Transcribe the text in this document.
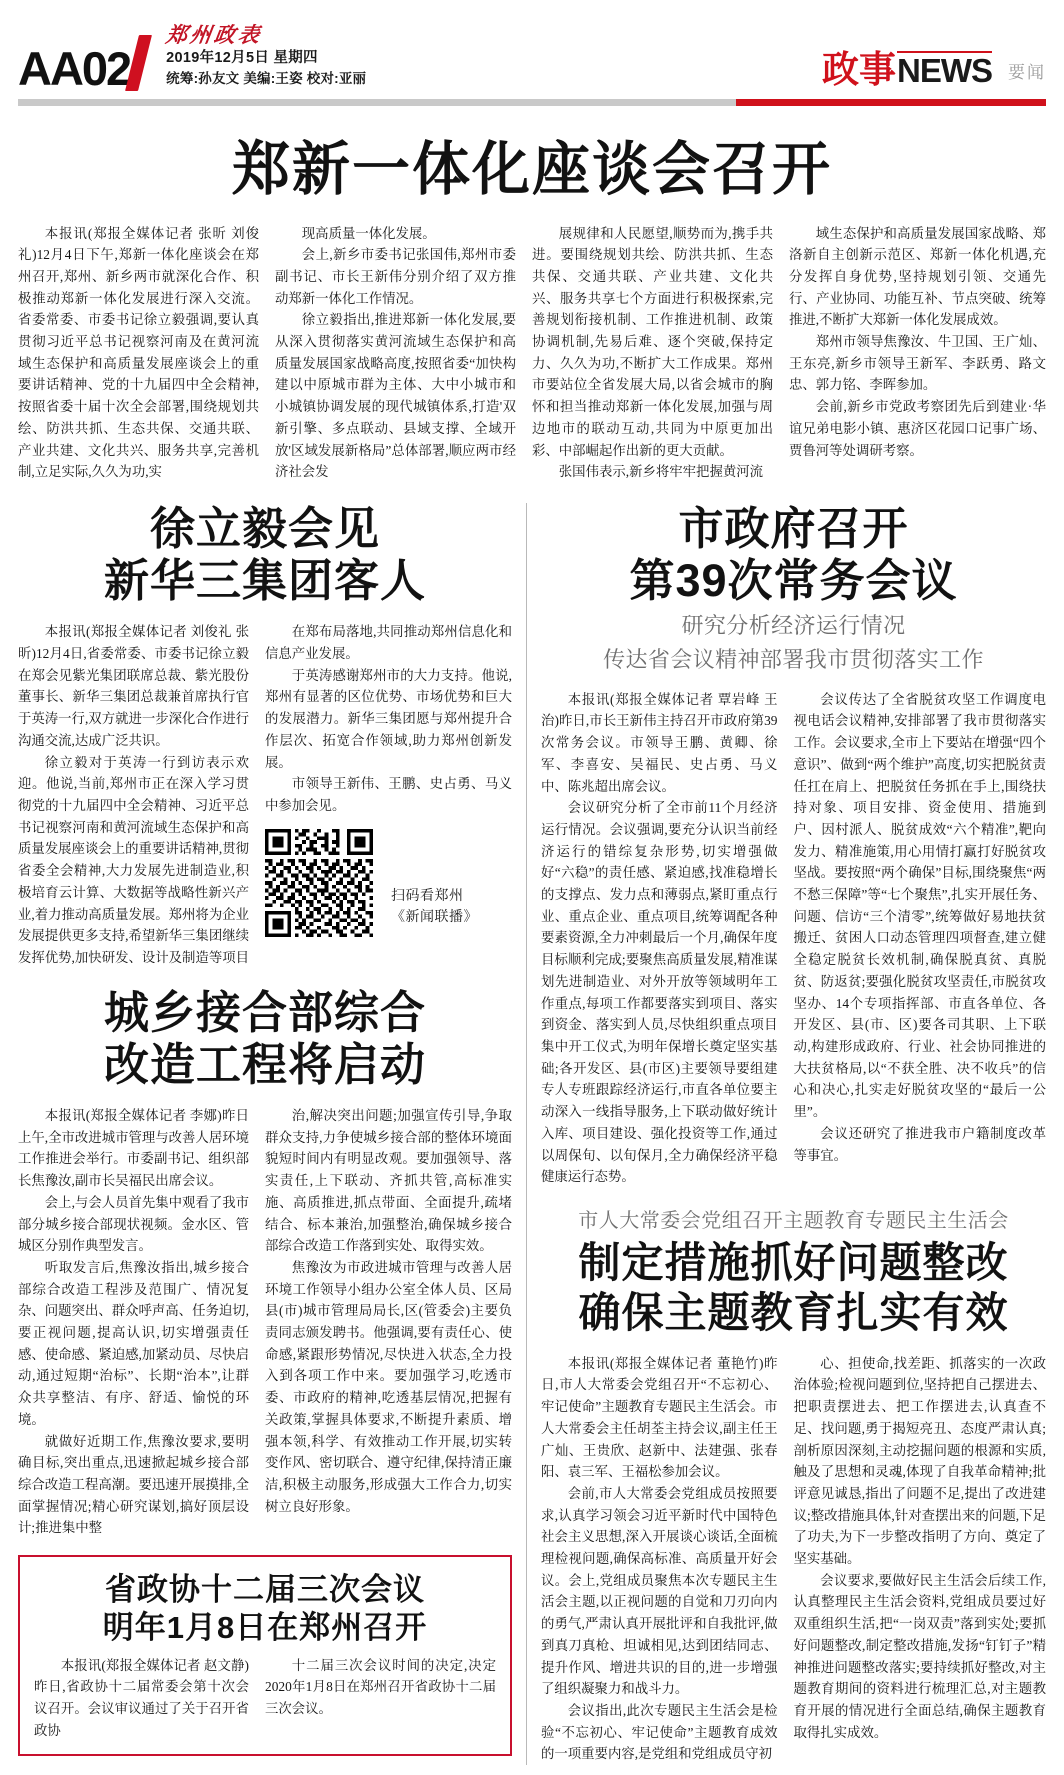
AA02
郑州政表
2019年12月5日 星期四
统筹:孙友文 美编:王姿 校对:亚丽	政事 NEWS 要闻
郑新一体化座谈会召开

本报讯(郑报全媒体记者 张昕 刘俊礼)12月4日下午,郑新一体化座谈会在郑州召开,郑州、新乡两市就深化合作、积极推动郑新一体化发展进行深入交流。省委常委、市委书记徐立毅强调,要认真贯彻习近平总书记视察河南及在黄河流域生态保护和高质量发展座谈会上的重要讲话精神、党的十九届四中全会精神,按照省委十届十次全会部署,围绕规划共绘、防洪共抓、生态共保、交通共联、产业共建、文化共兴、服务共享,完善机制,立足实际,久久为功,实

现高质量一体化发展。

会上,新乡市委书记张国伟,郑州市委副书记、市长王新伟分别介绍了双方推动郑新一体化工作情况。

徐立毅指出,推进郑新一体化发展,要从深入贯彻落实黄河流域生态保护和高质量发展国家战略高度,按照省委“加快构建以中原城市群为主体、大中小城市和小城镇协调发展的现代城镇体系,打造'双新引擎、多点联动、县域支撑、全域开放'区域发展新格局”总体部署,顺应两市经济社会发

展规律和人民愿望,顺势而为,携手共进。要围绕规划共绘、防洪共抓、生态共保、交通共联、产业共建、文化共兴、服务共享七个方面进行积极探索,完善规划衔接机制、工作推进机制、政策协调机制,先易后难、逐个突破,保持定力、久久为功,不断扩大工作成果。郑州市要站位全省发展大局,以省会城市的胸怀和担当推动郑新一体化发展,加强与周边地市的联动互动,共同为中原更加出彩、中部崛起作出新的更大贡献。

张国伟表示,新乡将牢牢把握黄河流

域生态保护和高质量发展国家战略、郑洛新自主创新示范区、郑新一体化机遇,充分发挥自身优势,坚持规划引领、交通先行、产业协同、功能互补、节点突破、统筹推进,不断扩大郑新一体化发展成效。

郑州市领导焦豫汝、牛卫国、王广灿、王东亮,新乡市领导王新军、李跃勇、路文忠、郭力铭、李晖参加。

会前,新乡市党政考察团先后到建业·华谊兄弟电影小镇、惠济区花园口记事广场、贾鲁河等处调研考察。

徐立毅会见
新华三集团客人

本报讯(郑报全媒体记者 刘俊礼 张昕)12月4日,省委常委、市委书记徐立毅在郑会见紫光集团联席总裁、紫光股份董事长、新华三集团总裁兼首席执行官于英涛一行,双方就进一步深化合作进行沟通交流,达成广泛共识。

徐立毅对于英涛一行到访表示欢迎。他说,当前,郑州市正在深入学习贯彻党的十九届四中全会精神、习近平总书记视察河南和黄河流域生态保护和高质量发展座谈会上的重要讲话精神,贯彻省委全会精神,大力发展先进制造业,积极培育云计算、大数据等战略性新兴产业,着力推动高质量发展。郑州将为企业发展提供更多支持,希望新华三集团继续发挥优势,加快研发、设计及制造等项目

在郑布局落地,共同推动郑州信息化和信息产业发展。

于英涛感谢郑州市的大力支持。他说,郑州有显著的区位优势、市场优势和巨大的发展潜力。新华三集团愿与郑州提升合作层次、拓宽合作领域,助力郑州创新发展。

市领导王新伟、王鹏、史占勇、马义中参加会见。

扫码看郑州
《新闻联播》
城乡接合部综合
改造工程将启动

本报讯(郑报全媒体记者 李娜)昨日上午,全市改进城市管理与改善人居环境工作推进会举行。市委副书记、组织部长焦豫汝,副市长吴福民出席会议。

会上,与会人员首先集中观看了我市部分城乡接合部现状视频。金水区、管城区分别作典型发言。

听取发言后,焦豫汝指出,城乡接合部综合改造工程涉及范围广、情况复杂、问题突出、群众呼声高、任务迫切,要正视问题,提高认识,切实增强责任感、使命感、紧迫感,加紧动员、尽快启动,通过短期“治标”、长期“治本”,让群众共享整洁、有序、舒适、愉悦的环境。

就做好近期工作,焦豫汝要求,要明确目标,突出重点,迅速掀起城乡接合部综合改造工程高潮。要迅速开展摸排,全面掌握情况;精心研究谋划,搞好顶层设计;推进集中整

治,解决突出问题;加强宣传引导,争取群众支持,力争使城乡接合部的整体环境面貌短时间内有明显改观。要加强领导、落实责任,上下联动、齐抓共管,高标准实施、高质推进,抓点带面、全面提升,疏堵结合、标本兼治,加强整治,确保城乡接合部综合改造工作落到实处、取得实效。

焦豫汝为市政进城市管理与改善人居环境工作领导小组办公室全体人员、区局县(市)城市管理局局长,区(管委会)主要负责同志颁发聘书。他强调,要有责任心、使命感,紧跟形势情况,尽快进入状态,全力投入到各项工作中来。要加强学习,吃透市委、市政府的精神,吃透基层情况,把握有关政策,掌握具体要求,不断提升素质、增强本领,科学、有效推动工作开展,切实转变作风、密切联合、遵守纪律,保持清正廉洁,积极主动服务,形成强大工作合力,切实树立良好形象。

省政协十二届三次会议
明年1月8日在郑州召开

本报讯(郑报全媒体记者 赵文静)昨日,省政协十二届常委会第十次会议召开。会议审议通过了关于召开省政协

十二届三次会议时间的决定,决定2020年1月8日在郑州召开省政协十二届三次会议。

市政府召开
第39次常务会议
研究分析经济运行情况
传达省会议精神部署我市贯彻落实工作

本报讯(郑报全媒体记者 覃岩峰 王治)昨日,市长王新伟主持召开市政府第39次常务会议。市领导王鹏、黄卿、徐军、李喜安、吴福民、史占勇、马义中、陈兆超出席会议。

会议研究分析了全市前11个月经济运行情况。会议强调,要充分认识当前经济运行的错综复杂形势,切实增强做好“六稳”的责任感、紧迫感,找准稳增长的支撑点、发力点和薄弱点,紧盯重点行业、重点企业、重点项目,统筹调配各种要素资源,全力冲刺最后一个月,确保年度目标顺利完成;要聚焦高质量发展,精准谋划先进制造业、对外开放等领域明年工作重点,每项工作都要落实到项目、落实到资金、落实到人员,尽快组织重点项目集中开工仪式,为明年保增长奠定坚实基础;各开发区、县(市区)主要领导要组建专人专班跟踪经济运行,市直各单位要主动深入一线指导服务,上下联动做好统计入库、项目建设、强化投资等工作,通过以周保旬、以旬保月,全力确保经济平稳健康运行态势。

会议传达了全省脱贫攻坚工作调度电视电话会议精神,安排部署了我市贯彻落实工作。会议要求,全市上下要站在增强“四个意识”、做到“两个维护”高度,切实把脱贫责任扛在肩上、把脱贫任务抓在手上,围绕扶持对象、项目安排、资金使用、措施到户、因村派人、脱贫成效“六个精准”,靶向发力、精准施策,用心用情打赢打好脱贫攻坚战。要按照“两个确保”目标,围绕聚焦“两不愁三保障”等“七个聚焦”,扎实开展任务、问题、信访“三个清零”,统筹做好易地扶贫搬迁、贫困人口动态管理四项督查,建立健全稳定脱贫长效机制,确保脱真贫、真脱贫、防返贫;要强化脱贫攻坚责任,市脱贫攻坚办、14个专项指挥部、市直各单位、各开发区、县(市、区)要各司其职、上下联动,构建形成政府、行业、社会协同推进的大扶贫格局,以“不获全胜、决不收兵”的信心和决心,扎实走好脱贫攻坚的“最后一公里”。

会议还研究了推进我市户籍制度改革等事宜。

市人大常委会党组召开主题教育专题民主生活会
制定措施抓好问题整改
确保主题教育扎实有效

本报讯(郑报全媒体记者 董艳竹)昨日,市人大常委会党组召开“不忘初心、牢记使命”主题教育专题民主生活会。市人大常委会主任胡荃主持会议,副主任王广灿、王贵欣、赵新中、法建强、张春阳、袁三军、王福松参加会议。

会前,市人大常委会党组成员按照要求,认真学习领会习近平新时代中国特色社会主义思想,深入开展谈心谈话,全面梳理检视问题,确保高标准、高质量开好会议。会上,党组成员聚焦本次专题民主生活会主题,以正视问题的自觉和刀刃向内的勇气,严肃认真开展批评和自我批评,做到真刀真枪、坦诚相见,达到团结同志、提升作风、增进共识的目的,进一步增强了组织凝聚力和战斗力。

会议指出,此次专题民主生活会是检验“不忘初心、牢记使命”主题教育成效的一项重要内容,是党组和党组成员守初

心、担使命,找差距、抓落实的一次政治体验;检视问题到位,坚持把自己摆进去、把职责摆进去、把工作摆进去,认真查不足、找问题,勇于揭短亮丑、态度严肃认真;剖析原因深刻,主动挖掘问题的根源和实质,触及了思想和灵魂,体现了自我革命精神;批评意见诚恳,指出了问题不足,提出了改进建议;整改措施具体,针对查摆出来的问题,下足了功夫,为下一步整改指明了方向、奠定了坚实基础。

会议要求,要做好民主生活会后续工作,认真整理民主生活会资料,党组成员要过好双重组织生活,把“一岗双责”落到实处;要抓好问题整改,制定整改措施,发扬“钉钉子”精神推进问题整改落实;要持续抓好整改,对主题教育期间的资料进行梳理汇总,对主题教育开展的情况进行全面总结,确保主题教育取得扎实成效。
